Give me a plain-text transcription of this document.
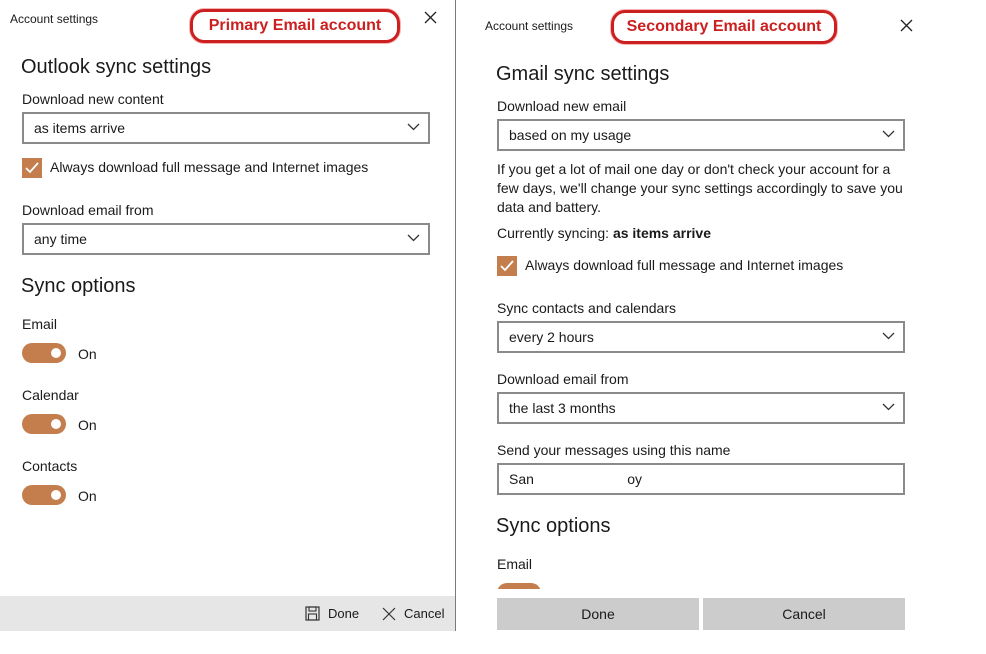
Account settings	Primary Email account
Outlook sync settings
Download new content
as items arrive
Always download full message and Internet images
Download email from
any time
Sync options
Email
On
Calendar
On
Contacts
On
Done	Cancel
Account settings	Secondary Email account
Gmail sync settings
Download new email
based on my usage
If you get a lot of mail one day or don't check your account for a few days, we'll change your sync settings accordingly to save you data and battery.
Currently syncing: as items arrive
Always download full message and Internet images
Sync contacts and calendars
every 2 hours
Download email from
the last 3 months
Send your messages using this name
San                        oy
Sync options
Email
Done	Cancel
